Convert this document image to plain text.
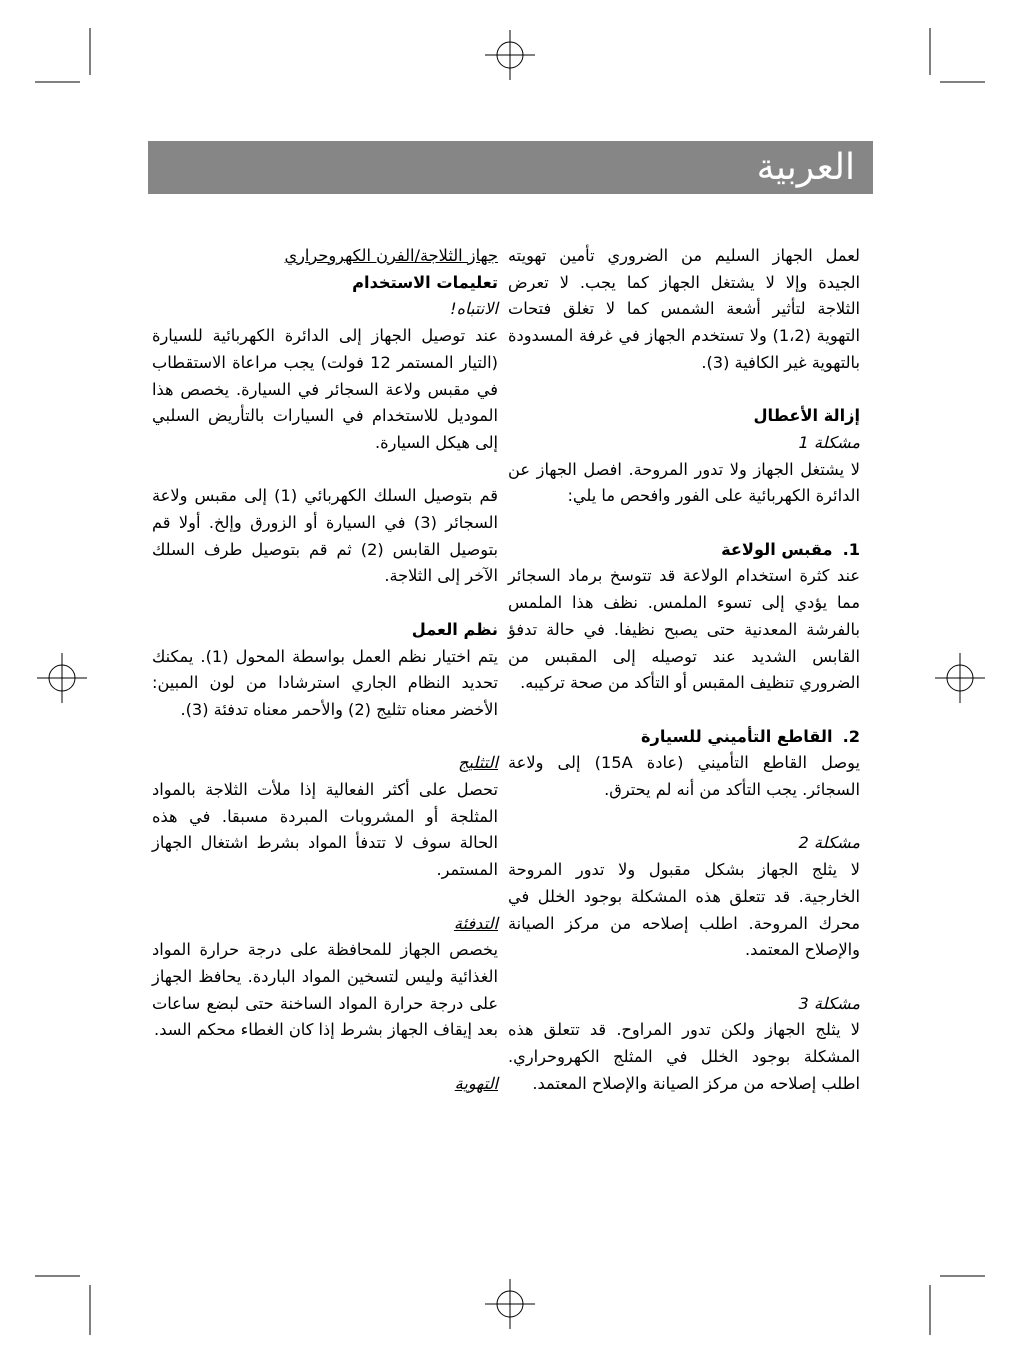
العربية

لعمل الجهاز السليم من الضروري تأمين تهويته الجيدة وإلا لا يشتغل الجهاز كما يجب. لا تعرض الثلاجة لتأثير أشعة الشمس كما لا تغلق فتحات التهوية (1،2) ولا تستخدم الجهاز في غرفة المسدودة بالتهوية غير الكافية (3).

إزالة الأعطال

مشكلة 1

لا يشتغل الجهاز ولا تدور المروحة. افصل الجهاز عن الدائرة الكهربائية على الفور وافحص ما يلي:

1.مقبس الولاعة

عند كثرة استخدام الولاعة قد تتوسخ برماد السجائر مما يؤدي إلى تسوء الملمس. نظف هذا الملمس بالفرشة المعدنية حتى يصبح نظيفا. في حالة تدفؤ القابس الشديد عند توصيله إلى المقبس من الضروري تنظيف المقبس أو التأكد من صحة تركيبه.

2.القاطع التأميني للسيارة

يوصل القاطع التأميني (عادة 15A) إلى ولاعة السجائر. يجب التأكد من أنه لم يحترق.

مشكلة 2

لا يثلج الجهاز بشكل مقبول ولا تدور المروحة الخارجية. قد تتعلق هذه المشكلة بوجود الخلل في محرك المروحة. اطلب إصلاحه من مركز الصيانة والإصلاح المعتمد.

مشكلة 3

لا يثلج الجهاز ولكن تدور المراوح. قد تتعلق هذه المشكلة بوجود الخلل في المثلج الكهروحراري. اطلب إصلاحه من مركز الصيانة والإصلاح المعتمد.

جهاز الثلاجة/الفرن الكهروحراري

تعليمات الاستخدام

الانتباه!

عند توصيل الجهاز إلى الدائرة الكهربائية للسيارة (التيار المستمر 12 فولت) يجب مراعاة الاستقطاب في مقبس ولاعة السجائر في السيارة. يخصص هذا الموديل للاستخدام في السيارات بالتأريض السلبي إلى هيكل السيارة.

قم بتوصيل السلك الكهربائي (1) إلى مقبس ولاعة السجائر (3) في السيارة أو الزورق وإلخ. أولا قم بتوصيل القابس (2) ثم قم بتوصيل طرف السلك الآخر إلى الثلاجة.

نظم العمل

يتم اختيار نظم العمل بواسطة المحول (1). يمكنك تحديد النظام الجاري استرشادا من لون المبين: الأخضر معناه تثليج (2) والأحمر معناه تدفئة (3).

التثليج

تحصل على أكثر الفعالية إذا ملأت الثلاجة بالمواد المثلجة أو المشروبات المبردة مسبقا. في هذه الحالة سوف لا تتدفأ المواد بشرط اشتغال الجهاز المستمر.

التدفئة

يخصص الجهاز للمحافظة على درجة حرارة المواد الغذائية وليس لتسخين المواد الباردة. يحافظ الجهاز على درجة حرارة المواد الساخنة حتى لبضع ساعات بعد إيقاف الجهاز بشرط إذا كان الغطاء محكم السد.

التهوية
